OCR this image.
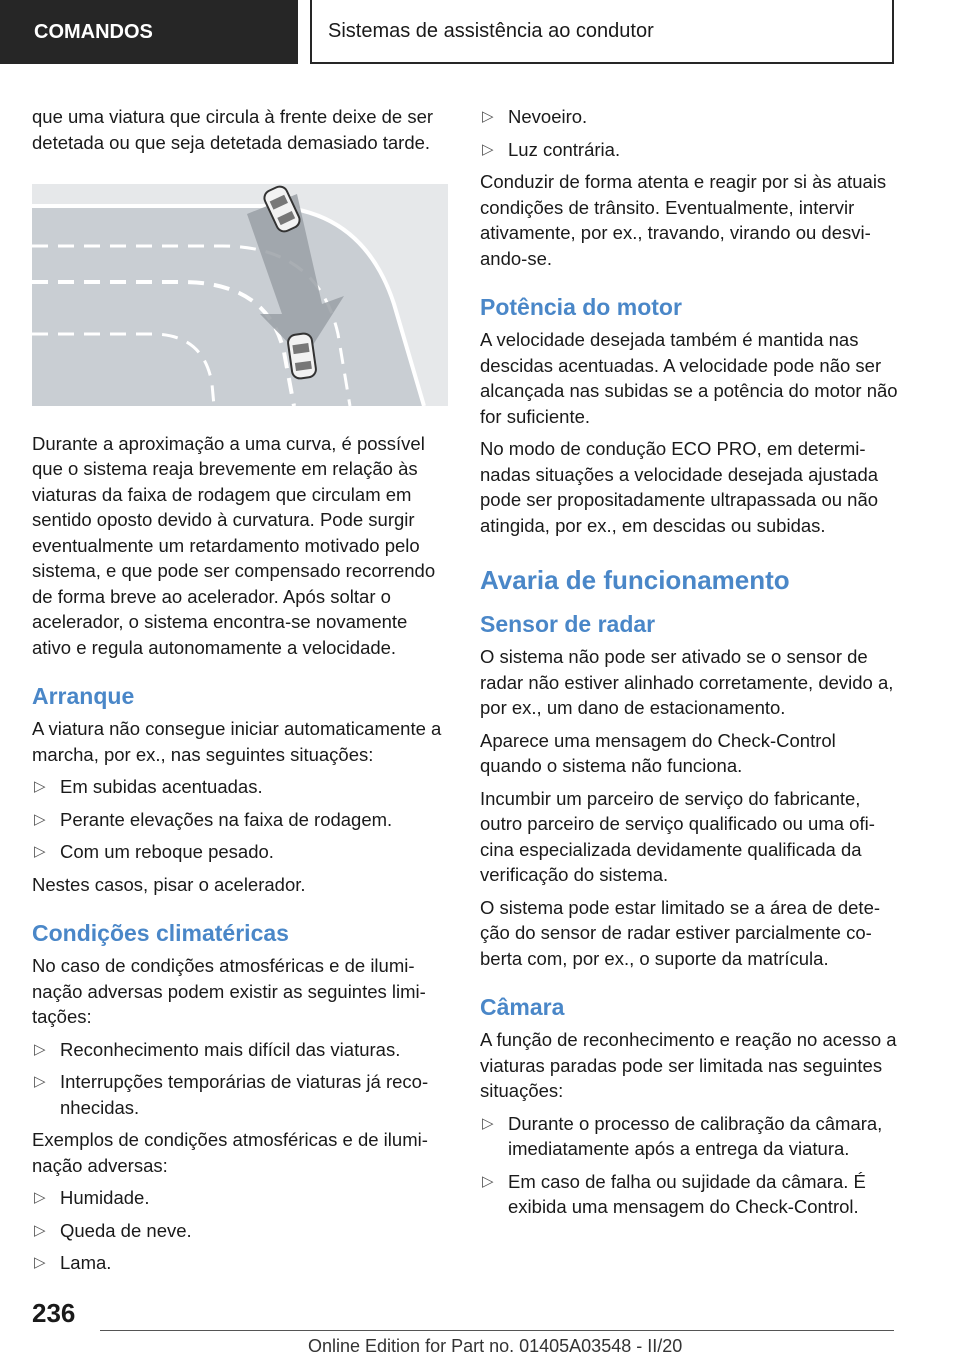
COMANDOS	Sistemas de assistência ao condutor

que uma viatura que circula à frente deixe de ser detetada ou que seja detetada demasiado tarde.

Durante a aproximação a uma curva, é possível que o sistema reaja brevemente em relação às viaturas da faixa de rodagem que circulam em sentido oposto devido à curvatura. Pode surgir eventualmente um retardamento motivado pelo sistema, e que pode ser compensado recorrendo de forma breve ao acelerador. Após soltar o acelerador, o sistema encontra-se novamente ativo e regula autonomamente a velocidade.

Arranque

A viatura não consegue iniciar automaticamente a marcha, por ex., nas seguintes situações:

▷ Em subidas acentuadas.
▷ Perante elevações na faixa de rodagem.
▷ Com um reboque pesado.

Nestes casos, pisar o acelerador.

Condições climatéricas

No caso de condições atmosféricas e de iluminação adversas podem existir as seguintes limitações:

▷ Reconhecimento mais difícil das viaturas.
▷ Interrupções temporárias de viaturas já reconhecidas.

Exemplos de condições atmosféricas e de iluminação adversas:

▷ Humidade.
▷ Queda de neve.
▷ Lama.
▷ Nevoeiro.
▷ Luz contrária.

Conduzir de forma atenta e reagir por si às atuais condições de trânsito. Eventualmente, intervir ativamente, por ex., travando, virando ou desviando-se.

Potência do motor

A velocidade desejada também é mantida nas descidas acentuadas. A velocidade pode não ser alcançada nas subidas se a potência do motor não for suficiente.

No modo de condução ECO PRO, em determinadas situações a velocidade desejada ajustada pode ser propositadamente ultrapassada ou não atingida, por ex., em descidas ou subidas.

Avaria de funcionamento
Sensor de radar

O sistema não pode ser ativado se o sensor de radar não estiver alinhado corretamente, devido a, por ex., um dano de estacionamento.

Aparece uma mensagem do Check-Control quando o sistema não funciona.

Incumbir um parceiro de serviço do fabricante, outro parceiro de serviço qualificado ou uma oficina especializada devidamente qualificada da verificação do sistema.

O sistema pode estar limitado se a área de deteção do sensor de radar estiver parcialmente coberta com, por ex., o suporte da matrícula.

Câmara

A função de reconhecimento e reação no acesso a viaturas paradas pode ser limitada nas seguintes situações:

▷ Durante o processo de calibração da câmara, imediatamente após a entrega da viatura.
▷ Em caso de falha ou sujidade da câmara. É exibida uma mensagem do Check-Control.
236
Online Edition for Part no. 01405A03548 - II/20
